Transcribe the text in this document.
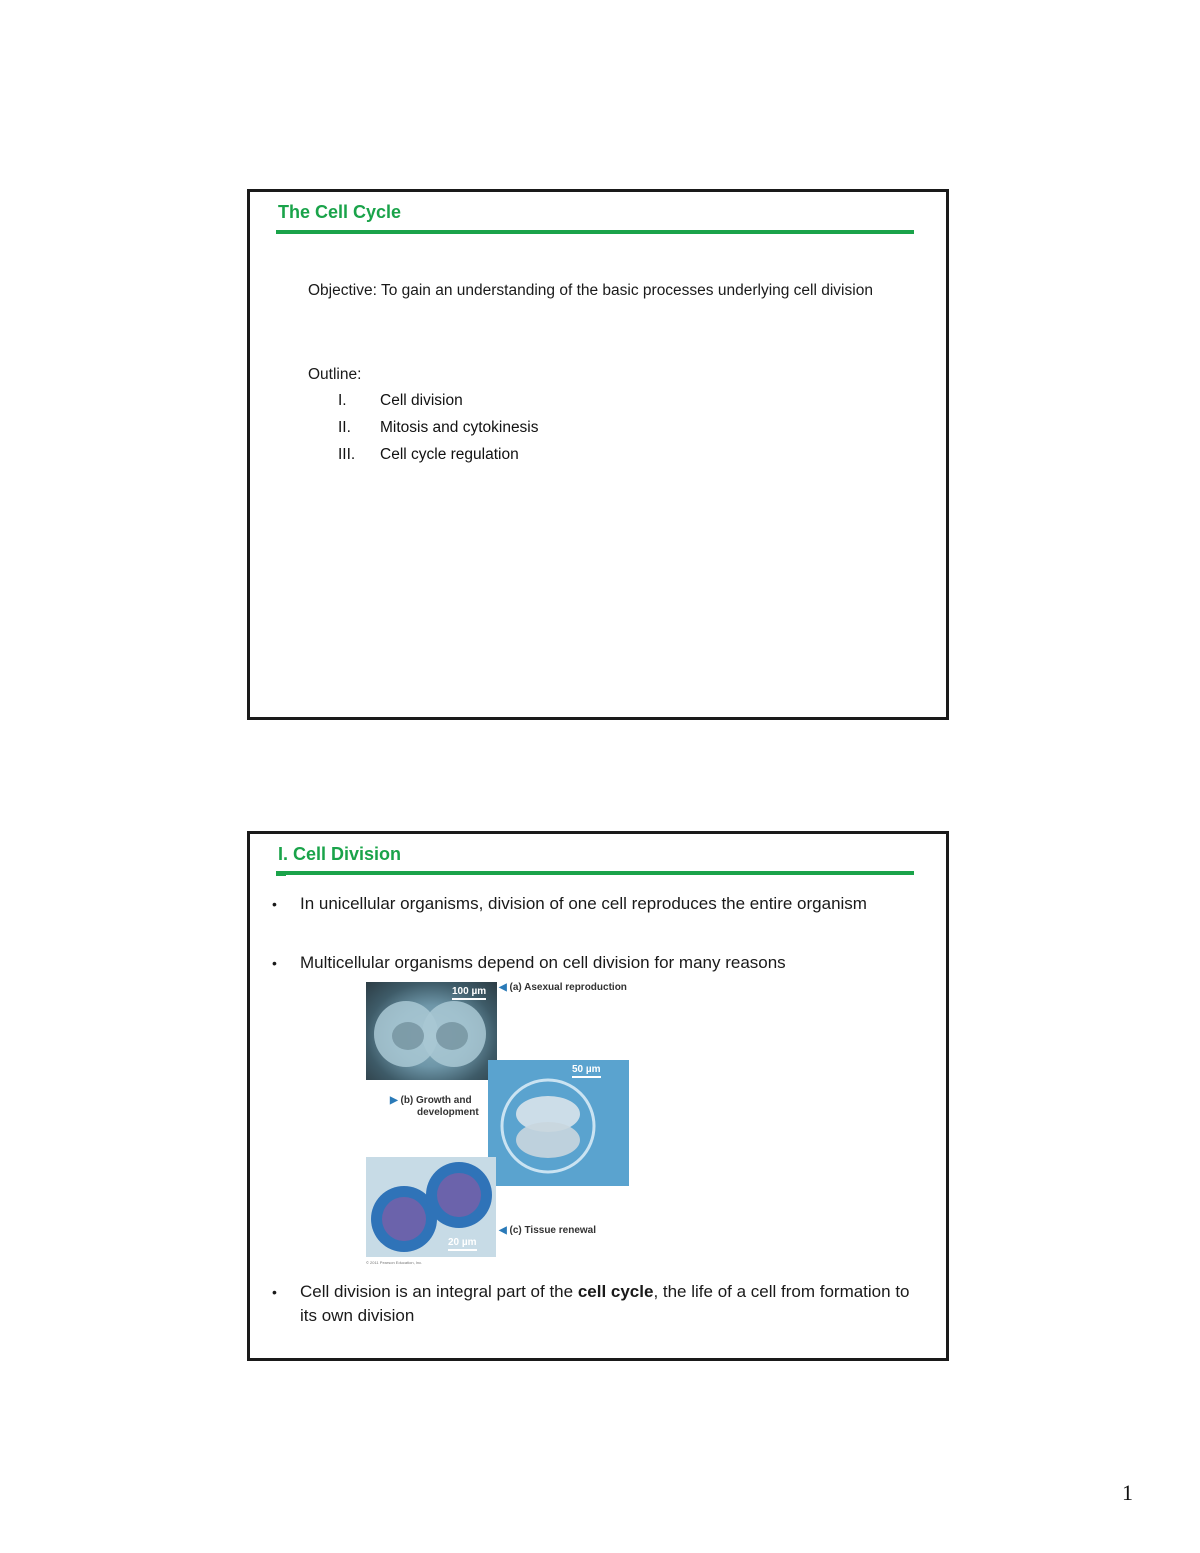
The Cell Cycle
Objective: To gain an understanding of the basic processes underlying cell division
Outline:
I. Cell division
II. Mitosis and cytokinesis
III. Cell cycle regulation
I. Cell Division
• In unicellular organisms, division of one cell reproduces the entire organism
• Multicellular organisms depend on cell division for many reasons
100 µm ◀ (a) Asexual reproduction
50 µm
▶ (b) Growth and
development
20 µm
◀ (c) Tissue renewal
© 2011 Pearson Education, Inc.
• Cell division is an integral part of the cell cycle, the life of a cell from formation to its own division
1
